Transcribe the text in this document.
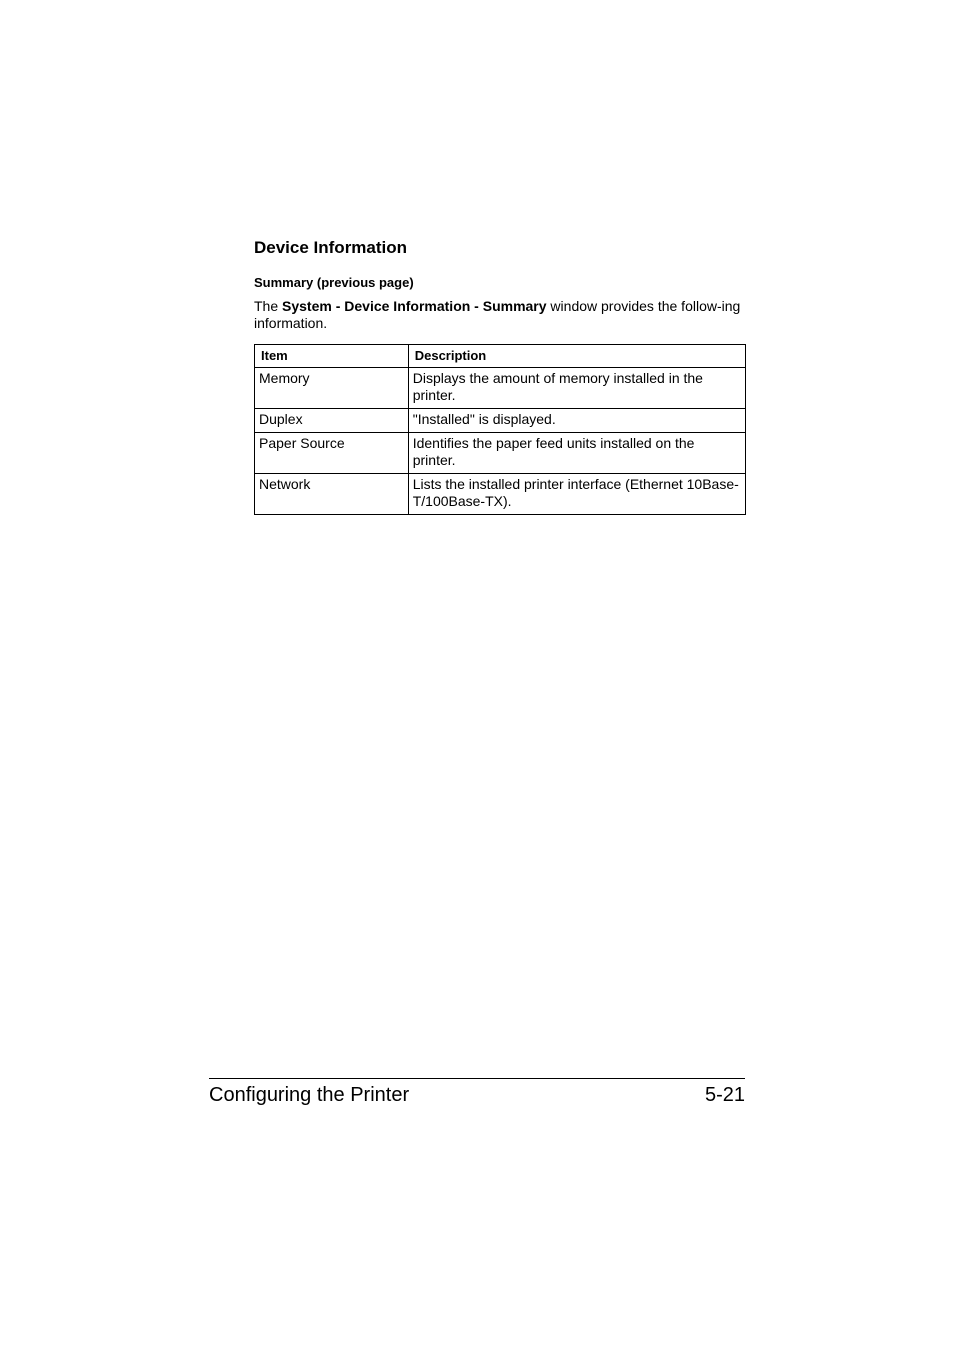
Device Information
Summary (previous page)

The System - Device Information - Summary window provides the follow-ing information.

Item	Description
Memory	Displays the amount of memory installed in the printer.
Duplex	"Installed" is displayed.
Paper Source	Identifies the paper feed units installed on the printer.
Network	Lists the installed printer interface (Ethernet 10Base-T/100Base-TX).
Configuring the Printer	5-21
